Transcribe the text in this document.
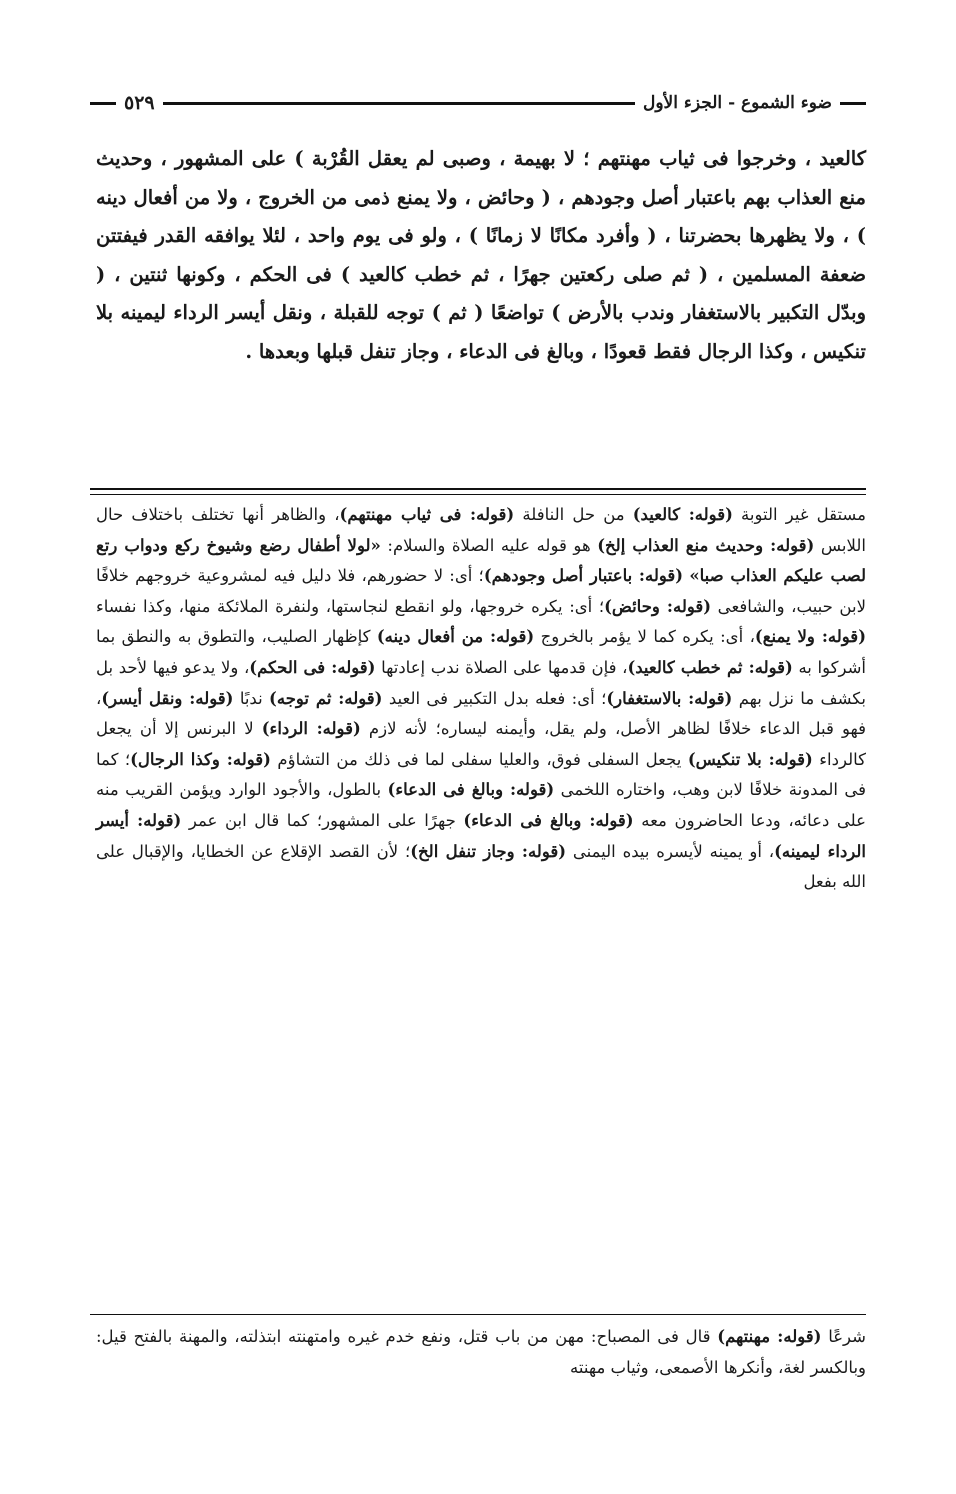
ضوء الشموع - الجزء الأول
٥٢٩

كالعيد ، وخرجوا فى ثياب مهنتهم ؛ لا بهيمة ، وصبى لم يعقل القُرْبة ) على المشهور ، وحديث منع العذاب بهم باعتبار أصل وجودهم ، ( وحائض ، ولا يمنع ذمى من الخروج ، ولا من أفعال دينه ) ، ولا يظهرها بحضرتنا ، ( وأفرد مكانًا لا زمانًا ) ، ولو فى يوم واحد ، لئلا يوافقه القدر فيفتتن ضعفة المسلمين ، ( ثم صلى ركعتين جهرًا ، ثم خطب كالعيد ) فى الحكم ، وكونها ثنتين ، ( وبدّل التكبير بالاستغفار وندب بالأرض ) تواضعًا ( ثم ) توجه للقبلة ، ونقل أيسر الرداء ليمينه بلا تنكيس ، وكذا الرجال فقط قعودًا ، وبالغ فى الدعاء ، وجاز تنفل قبلها وبعدها .

مستقل غير التوبة (قوله: كالعيد) من حل النافلة (قوله: فى ثياب مهنتهم)، والظاهر أنها تختلف باختلاف حال اللابس (قوله: وحديث منع العذاب إلخ) هو قوله عليه الصلاة والسلام: «لولا أطفال رضع وشيوخ ركع ودواب رتع لصب عليكم العذاب صبا» (قوله: باعتبار أصل وجودهم)؛ أى: لا حضورهم، فلا دليل فيه لمشروعية خروجهم خلافًا لابن حبيب، والشافعى (قوله: وحائض)؛ أى: يكره خروجها، ولو انقطع لنجاستها، ولنفرة الملائكة منها، وكذا نفساء (قوله: ولا يمنع)، أى: يكره كما لا يؤمر بالخروج (قوله: من أفعال دينه) كإظهار الصليب، والتطوق به والنطق بما أشركوا به (قوله: ثم خطب كالعيد)، فإن قدمها على الصلاة ندب إعادتها (قوله: فى الحكم)، ولا يدعو فيها لأحد بل بكشف ما نزل بهم (قوله: بالاستغفار)؛ أى: فعله بدل التكبير فى العيد (قوله: ثم توجه) ندبًا (قوله: ونقل أيسر)، فهو قبل الدعاء خلافًا لظاهر الأصل، ولم يقل، وأيمنه ليساره؛ لأنه لازم (قوله: الرداء) لا البرنس إلا أن يجعل كالرداء (قوله: بلا تنكيس) يجعل السفلى فوق، والعليا سفلى لما فى ذلك من التشاؤم (قوله: وكذا الرجال)؛ كما فى المدونة خلافًا لابن وهب، واختاره اللخمى (قوله: وبالغ فى الدعاء) بالطول، والأجود الوارد ويؤمن القريب منه على دعائه، ودعا الحاضرون معه (قوله: وبالغ فى الدعاء) جهرًا على المشهور؛ كما قال ابن عمر (قوله: أيسر الرداء ليمينه)، أو يمينه لأيسره بيده اليمنى (قوله: وجاز تنفل الخ)؛ لأن القصد الإقلاع عن الخطايا، والإقبال على الله بفعل

شرعًا (قوله: مهنتهم) قال فى المصباح: مهن من باب قتل، ونفع خدم غيره وامتهنته ابتذلته، والمهنة بالفتح قيل: وبالكسر لغة، وأنكرها الأصمعى، وثياب مهنته
